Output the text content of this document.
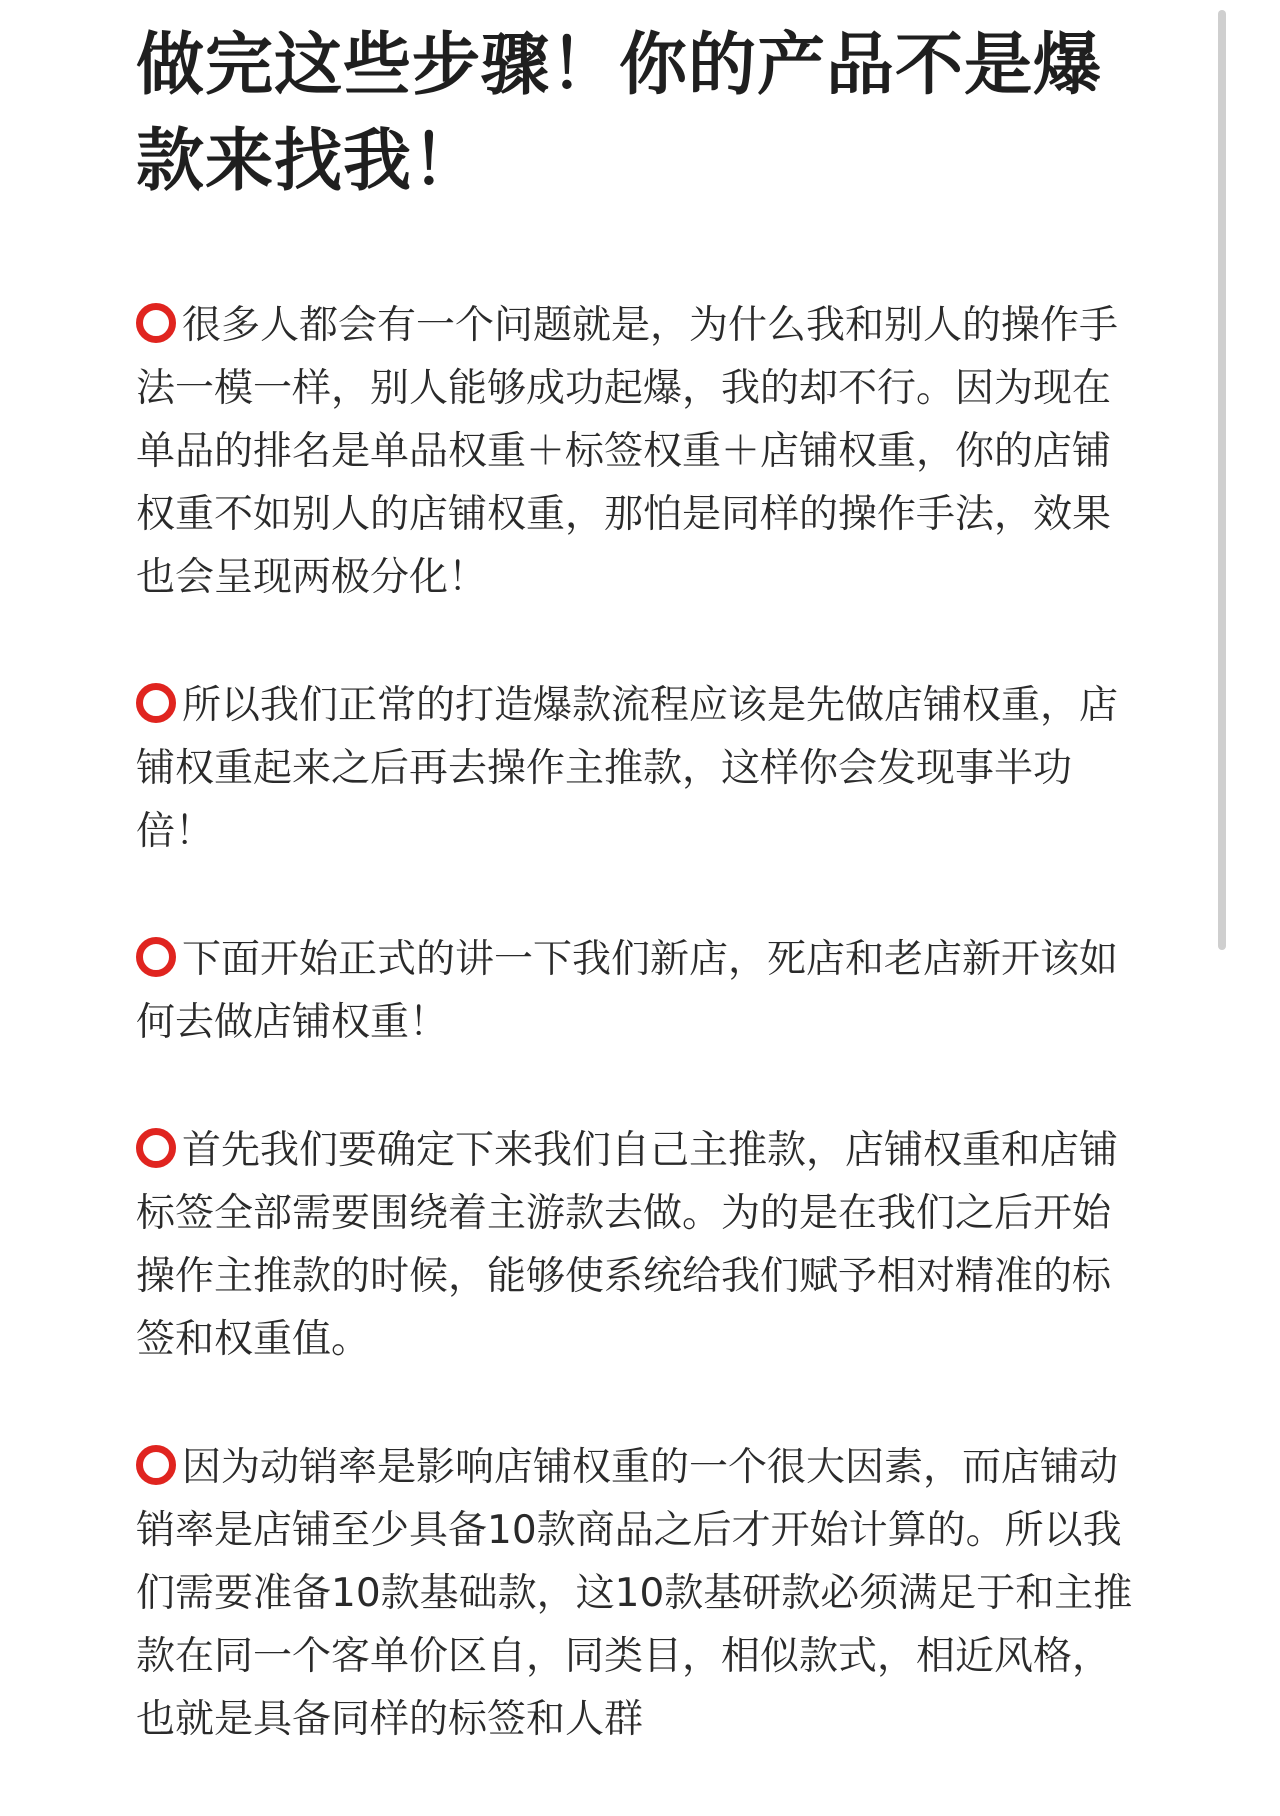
做完这些步骤！你的产品不是爆款来找我！

很多人都会有一个问题就是，为什么我和别人的操作手法一模一样，别人能够成功起爆，我的却不行。因为现在单品的排名是单品权重＋标签权重＋店铺权重，你的店铺权重不如别人的店铺权重，那怕是同样的操作手法，效果也会呈现两极分化！

所以我们正常的打造爆款流程应该是先做店铺权重，店铺权重起来之后再去操作主推款，这样你会发现事半功倍！

下面开始正式的讲一下我们新店，死店和老店新开该如何去做店铺权重！

首先我们要确定下来我们自己主推款，店铺权重和店铺标签全部需要围绕着主游款去做。为的是在我们之后开始操作主推款的时候，能够使系统给我们赋予相对精准的标签和权重值。

因为动销率是影响店铺权重的一个很大因素，而店铺动销率是店铺至少具备10款商品之后才开始计算的。所以我们需要准备10款基础款，这10款基研款必须满足于和主推款在同一个客单价区自，同类目，相似款式，相近风格，也就是具备同样的标签和人群
